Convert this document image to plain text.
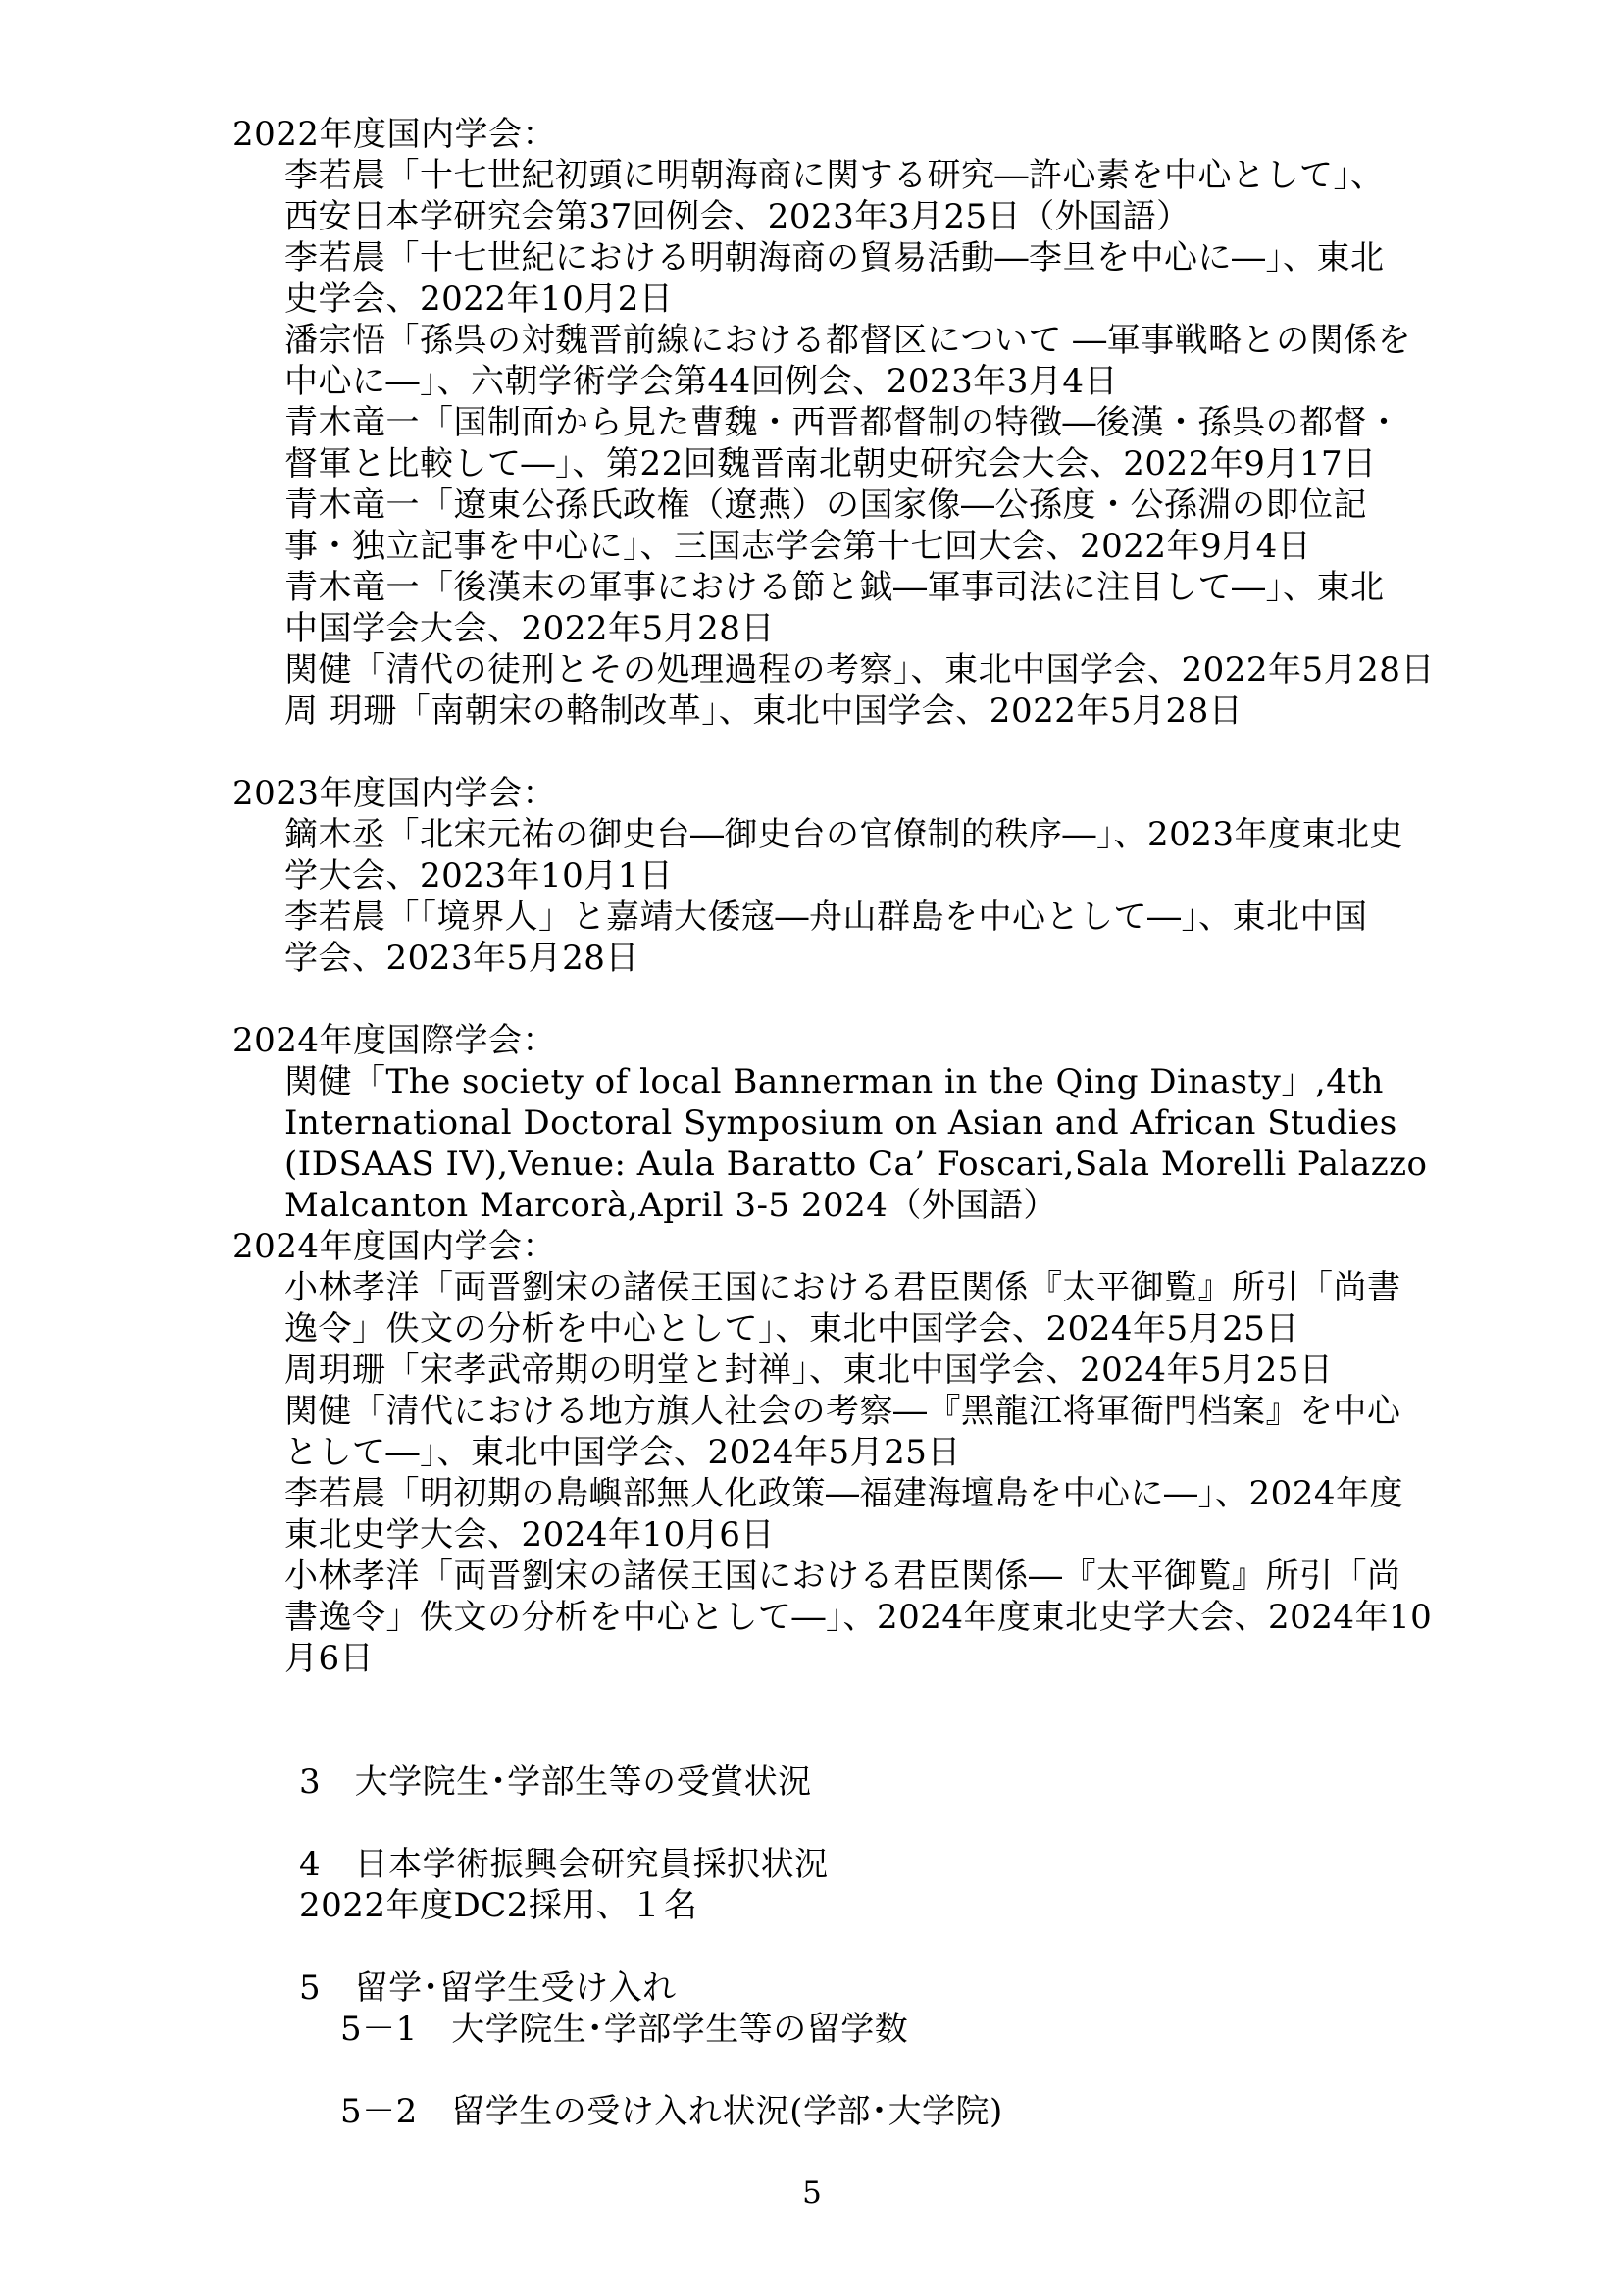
2022年度国内学会：
李若晨「十七世紀初頭に明朝海商に関する研究―許心素を中心として」、
西安日本学研究会第37回例会、2023年3月25日（外国語）
李若晨「十七世紀における明朝海商の貿易活動―李旦を中心に―」、東北
史学会、2022年10月2日
潘宗悟「孫呉の対魏晋前線における都督区について ―軍事戦略との関係を
中心に―」、六朝学術学会第44回例会、2023年3月4日
青木竜一「国制面から見た曹魏・西晋都督制の特徴―後漢・孫呉の都督・
督軍と比較して―」、第22回魏晋南北朝史研究会大会、2022年9月17日
青木竜一「遼東公孫氏政権（遼燕）の国家像―公孫度・公孫淵の即位記
事・独立記事を中心に」、三国志学会第十七回大会、2022年9月4日
青木竜一「後漢末の軍事における節と鉞―軍事司法に注目して―」、東北
中国学会大会、2022年5月28日
関健「清代の徒刑とその処理過程の考察」、東北中国学会、2022年5月28日
周 玥珊「南朝宋の輅制改革」、東北中国学会、2022年5月28日

2023年度国内学会：
鏑木丞「北宋元祐の御史台―御史台の官僚制的秩序―」、2023年度東北史
学大会、2023年10月1日
李若晨「「境界人」と嘉靖大倭寇―舟山群島を中心として―」、東北中国
学会、2023年5月28日

2024年度国際学会：
関健「The society of local Bannerman in the Qing Dinasty」,4th
International Doctoral Symposium on Asian and African Studies
(IDSAAS IV),Venue: Aula Baratto Ca’ Foscari,Sala Morelli Palazzo
Malcanton Marcorà,April 3-5 2024（外国語）
2024年度国内学会：
小林孝洋「両晋劉宋の諸侯王国における君臣関係『太平御覧』所引「尚書
逸令」佚文の分析を中心として」、東北中国学会、2024年5月25日
周玥珊「宋孝武帝期の明堂と封禅」、東北中国学会、2024年5月25日
関健「清代における地方旗人社会の考察―『黑龍江将軍衙門档案』を中心
として―」、東北中国学会、2024年5月25日
李若晨「明初期の島嶼部無人化政策―福建海壇島を中心に―」、2024年度
東北史学大会、2024年10月6日
小林孝洋「両晋劉宋の諸侯王国における君臣関係―『太平御覧』所引「尚
書逸令」佚文の分析を中心として―」、2024年度東北史学大会、2024年10
月6日

3　大学院生･学部生等の受賞状況

4　日本学術振興会研究員採択状況
2022年度DC2採用、１名

5　留学･留学生受け入れ
5－1　大学院生･学部学生等の留学数

5－2　留学生の受け入れ状況(学部･大学院)
5
